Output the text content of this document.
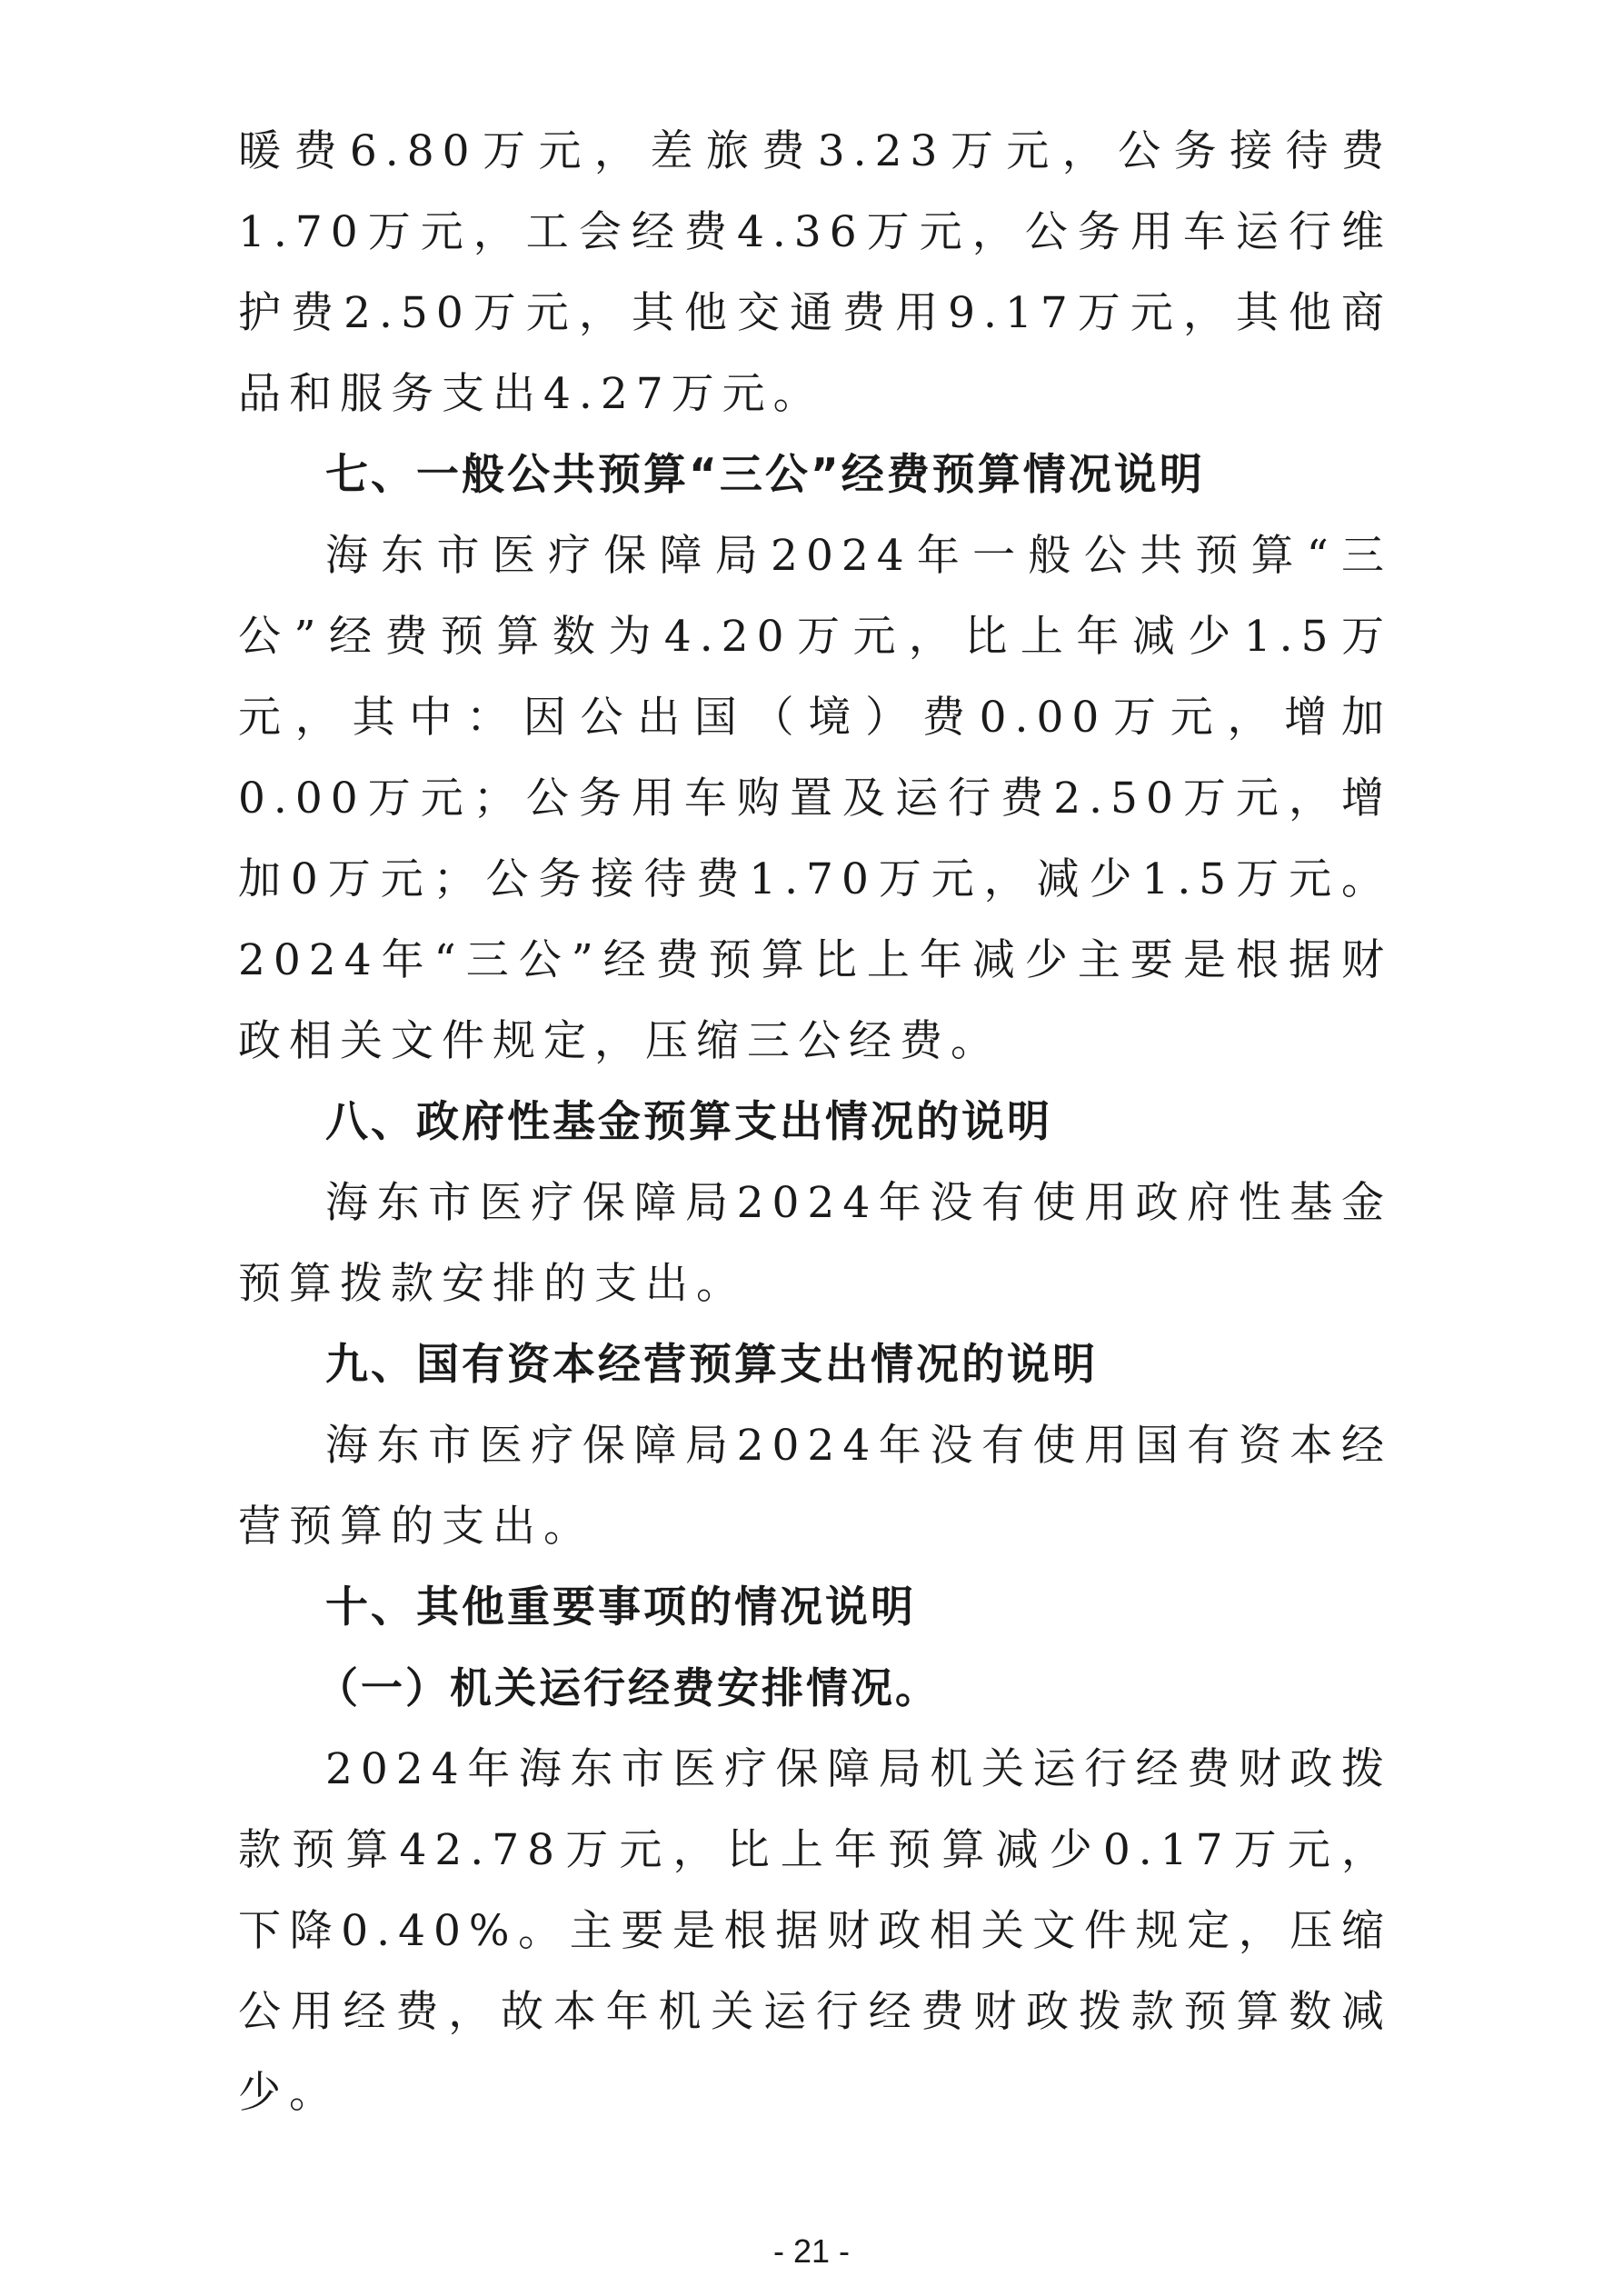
暖费6.80万元，差旅费3.23万元，公务接待费1.70万元，工会经费4.36万元，公务用车运行维护费2.50万元，其他交通费用9.17万元，其他商品和服务支出4.27万元。

七、一般公共预算“三公”经费预算情况说明

海东市医疗保障局2024年一般公共预算“三公”经费预算数为4.20万元，比上年减少1.5万元，其中：因公出国（境）费0.00万元，增加0.00万元；公务用车购置及运行费2.50万元，增加0万元；公务接待费1.70万元，减少1.5万元。2024年“三公”经费预算比上年减少主要是根据财政相关文件规定，压缩三公经费。

八、政府性基金预算支出情况的说明

海东市医疗保障局2024年没有使用政府性基金预算拨款安排的支出。

九、国有资本经营预算支出情况的说明

海东市医疗保障局2024年没有使用国有资本经营预算的支出。

十、其他重要事项的情况说明
（一）机关运行经费安排情况。

2024年海东市医疗保障局机关运行经费财政拨款预算42.78万元，比上年预算减少0.17万元，下降0.40%。主要是根据财政相关文件规定，压缩公用经费，故本年机关运行经费财政拨款预算数减少。

- 21 -
